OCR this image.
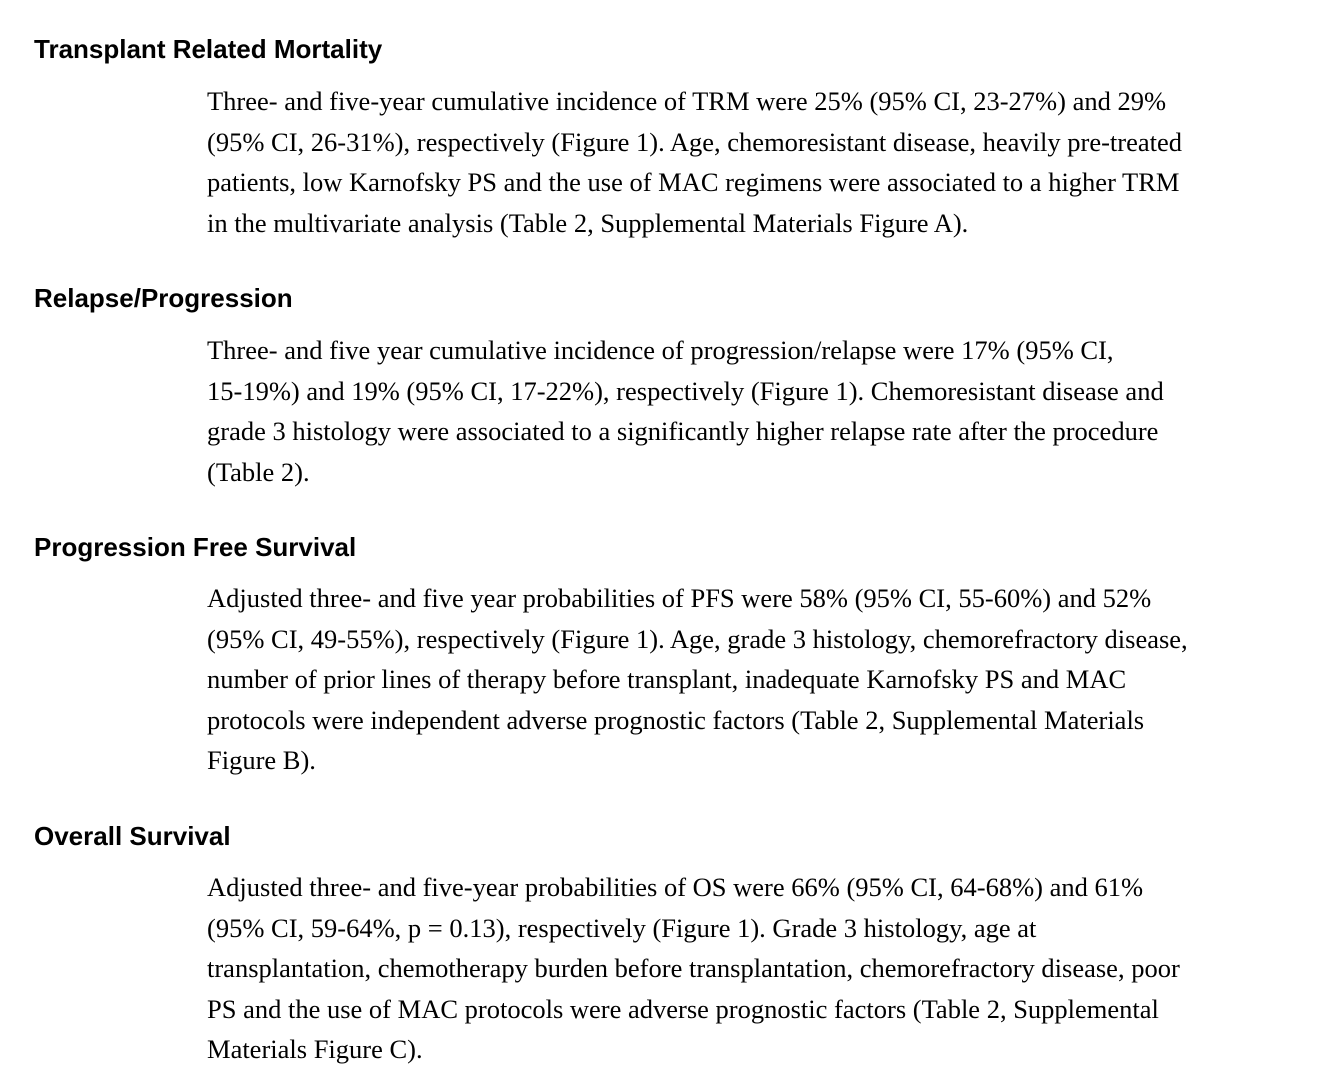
Transplant Related Mortality

Three- and five-year cumulative incidence of TRM were 25% (95% CI, 23-27%) and 29%
(95% CI, 26-31%), respectively (Figure 1). Age, chemoresistant disease, heavily pre-treated
patients, low Karnofsky PS and the use of MAC regimens were associated to a higher TRM
in the multivariate analysis (Table 2, Supplemental Materials Figure A).

Relapse/Progression

Three- and five year cumulative incidence of progression/relapse were 17% (95% CI,
15-19%) and 19% (95% CI, 17-22%), respectively (Figure 1). Chemoresistant disease and
grade 3 histology were associated to a significantly higher relapse rate after the procedure
(Table 2).

Progression Free Survival

Adjusted three- and five year probabilities of PFS were 58% (95% CI, 55-60%) and 52%
(95% CI, 49-55%), respectively (Figure 1). Age, grade 3 histology, chemorefractory disease,
number of prior lines of therapy before transplant, inadequate Karnofsky PS and MAC
protocols were independent adverse prognostic factors (Table 2, Supplemental Materials
Figure B).

Overall Survival

Adjusted three- and five-year probabilities of OS were 66% (95% CI, 64-68%) and 61%
(95% CI, 59-64%, p = 0.13), respectively (Figure 1). Grade 3 histology, age at
transplantation, chemotherapy burden before transplantation, chemorefractory disease, poor
PS and the use of MAC protocols were adverse prognostic factors (Table 2, Supplemental
Materials Figure C).
